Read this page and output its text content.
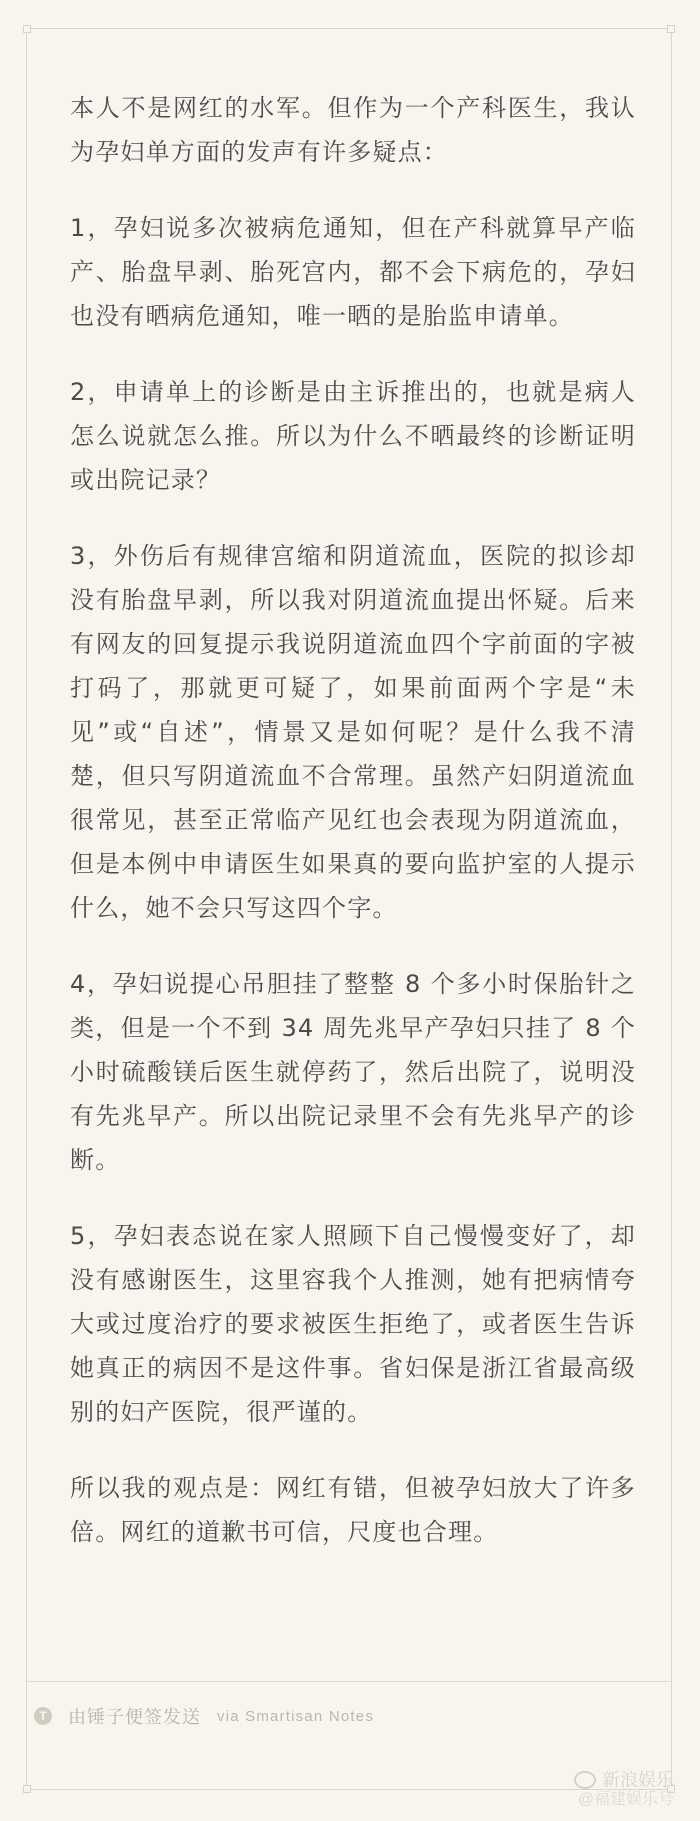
本人不是网红的水军。但作为一个产科医生，我认为孕妇单方面的发声有许多疑点：

1，孕妇说多次被病危通知，但在产科就算早产临产、胎盘早剥、胎死宫内，都不会下病危的，孕妇也没有晒病危通知，唯一晒的是胎监申请单。

2，申请单上的诊断是由主诉推出的，也就是病人怎么说就怎么推。所以为什么不晒最终的诊断证明或出院记录？

3，外伤后有规律宫缩和阴道流血，医院的拟诊却没有胎盘早剥，所以我对阴道流血提出怀疑。后来有网友的回复提示我说阴道流血四个字前面的字被打码了，那就更可疑了，如果前面两个字是“未见”或“自述”，情景又是如何呢？是什么我不清楚，但只写阴道流血不合常理。虽然产妇阴道流血很常见，甚至正常临产见红也会表现为阴道流血，但是本例中申请医生如果真的要向监护室的人提示什么，她不会只写这四个字。

4，孕妇说提心吊胆挂了整整 8 个多小时保胎针之类，但是一个不到 34 周先兆早产孕妇只挂了 8 个小时硫酸镁后医生就停药了，然后出院了，说明没有先兆早产。所以出院记录里不会有先兆早产的诊断。

5，孕妇表态说在家人照顾下自己慢慢变好了，却没有感谢医生，这里容我个人推测，她有把病情夸大或过度治疗的要求被医生拒绝了，或者医生告诉她真正的病因不是这件事。省妇保是浙江省最高级别的妇产医院，很严谨的。

所以我的观点是：网红有错，但被孕妇放大了许多倍。网红的道歉书可信，尺度也合理。

T 由锤子便签发送 via Smartisan Notes
新浪娱乐
@福建娱乐号
